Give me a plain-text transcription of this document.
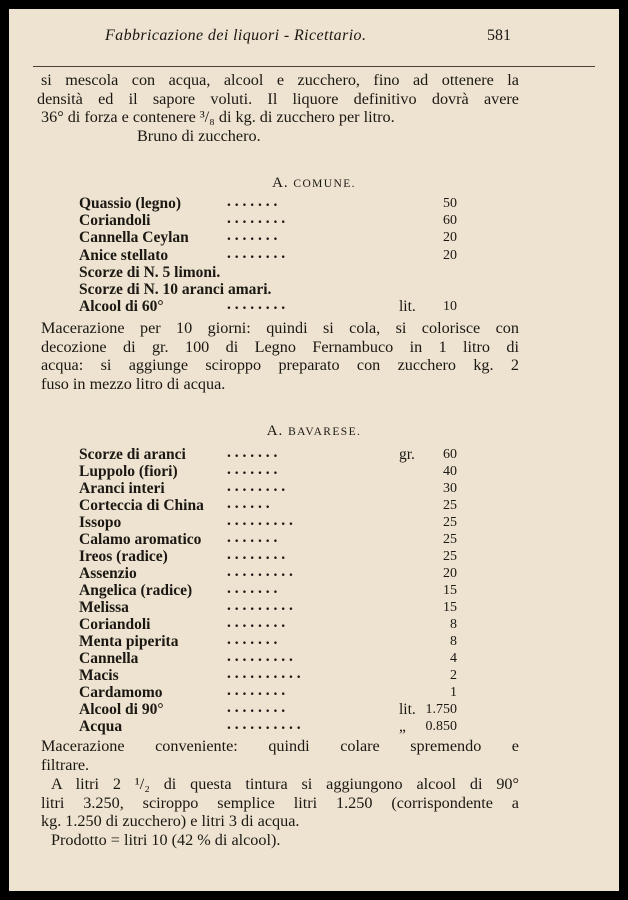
Fabbricazione dei liquori - Ricettario.	581
si mescola con acqua, alcool e zucchero, fino ad ottenere la
densità ed il sapore voluti. Il liquore definitivo dovrà avere
36° di forza e contenere ³/₈ di kg. di zucchero per litro.
Bruno di zucchero.
A. COMUNE.
Quassio (legno)	. . . . . . .	50
Coriandoli	. . . . . . . .	60
Cannella Ceylan . . . . . . .	20
Anice stellato	. . . . . . . .	20
Scorze di N. 5 limoni.
Scorze di N. 10 aranci amari.
Alcool di 60°	. . . . . . . .	lit. 10
Macerazione per 10 giorni: quindi si cola, si colorisce con
decozione di gr. 100 di Legno Fernambuco in 1 litro di
acqua: si aggiunge sciroppo preparato con zucchero kg. 2
fuso in mezzo litro di acqua.
A. BAVARESE.
Scorze di aranci	. . . . . . .	gr. 60
Luppolo (fiori)	. . . . . . .	40
Aranci interi	. . . . . . . .	30
Corteccia di China . . . . . .	25
Issopo	. . . . . . . . .	25
Calamo aromatico . . . . . . .	25
Ireos (radice)	. . . . . . . .	25
Assenzio	. . . . . . . . .	20
Angelica (radice) . . . . . . .	15
Melissa	. . . . . . . . .	15
Coriandoli	. . . . . . . .	8
Menta piperita	. . . . . . .	8
Cannella	. . . . . . . . .	4
Macis	. . . . . . . . . .	2
Cardamomo	. . . . . . . .	1
Alcool di 90°	. . . . . . . .	lit. 1.750
Acqua	. . . . . . . . . .	„ 0.850
Macerazione conveniente: quindi colare spremendo e
filtrare.
A litri 2 ¹/₂ di questa tintura si aggiungono alcool di 90°
litri 3.250, sciroppo semplice litri 1.250 (corrispondente a
kg. 1.250 di zucchero) e litri 3 di acqua.
Prodotto = litri 10 (42 % di alcool).
